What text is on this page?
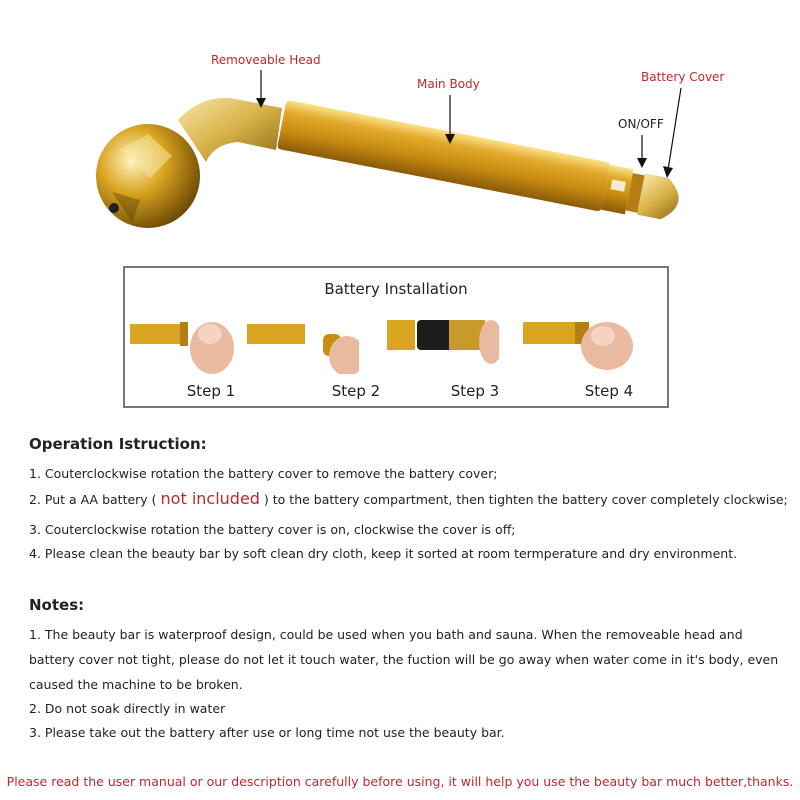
Removeable Head
Main Body	Battery Cover
ON/OFF
Battery Installation
Step 1	Step 2	Step 3	Step 4
Operation Istruction:
1. Couterclockwise rotation the battery cover to remove the battery cover;
2. Put a AA battery ( not included ) to the battery compartment, then tighten the battery cover completely clockwise;
3. Couterclockwise rotation the battery cover is on, clockwise the cover is off;
4. Please clean the beauty bar by soft clean dry cloth, keep it sorted at room termperature and dry environment.
Notes:
1. The beauty bar is waterproof design, could be used when you bath and sauna. When the removeable head and battery cover not tight, please do not let it touch water, the fuction will be go away when water come in it's body, even caused the machine to be broken.
2. Do not soak directly in water
3. Please take out the battery after use or long time not use the beauty bar.
Please read the user manual or our description carefully before using, it will help you use the beauty bar much better,thanks.
